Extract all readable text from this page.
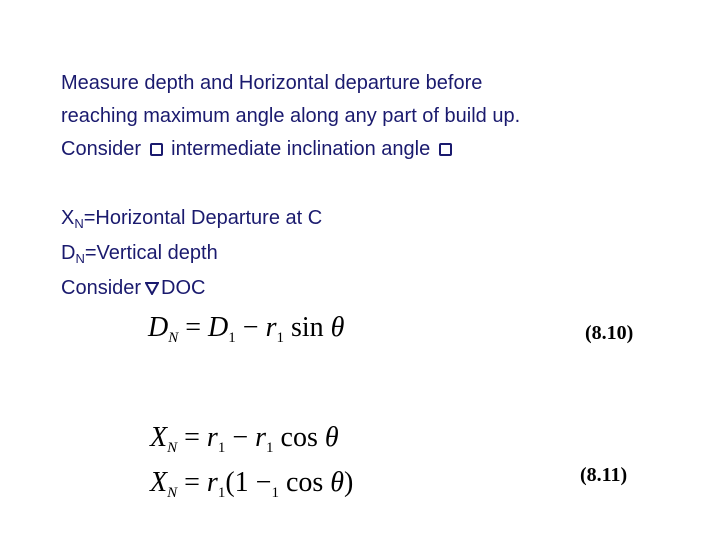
Measure depth and Horizontal departure before
reaching maximum angle along any part of build up.
Consider intermediate inclination angle
$X_N=Horizontal$ Departure at C
$D_N=Vertical$ depth
Consider DOC
$D_N = D_1 - r_1$ sin θ	(8.10)
$X_N = r_1 - r_1$ cos θ
$X_N = r_1(1 -_1$ cos θ)	(8.11)
